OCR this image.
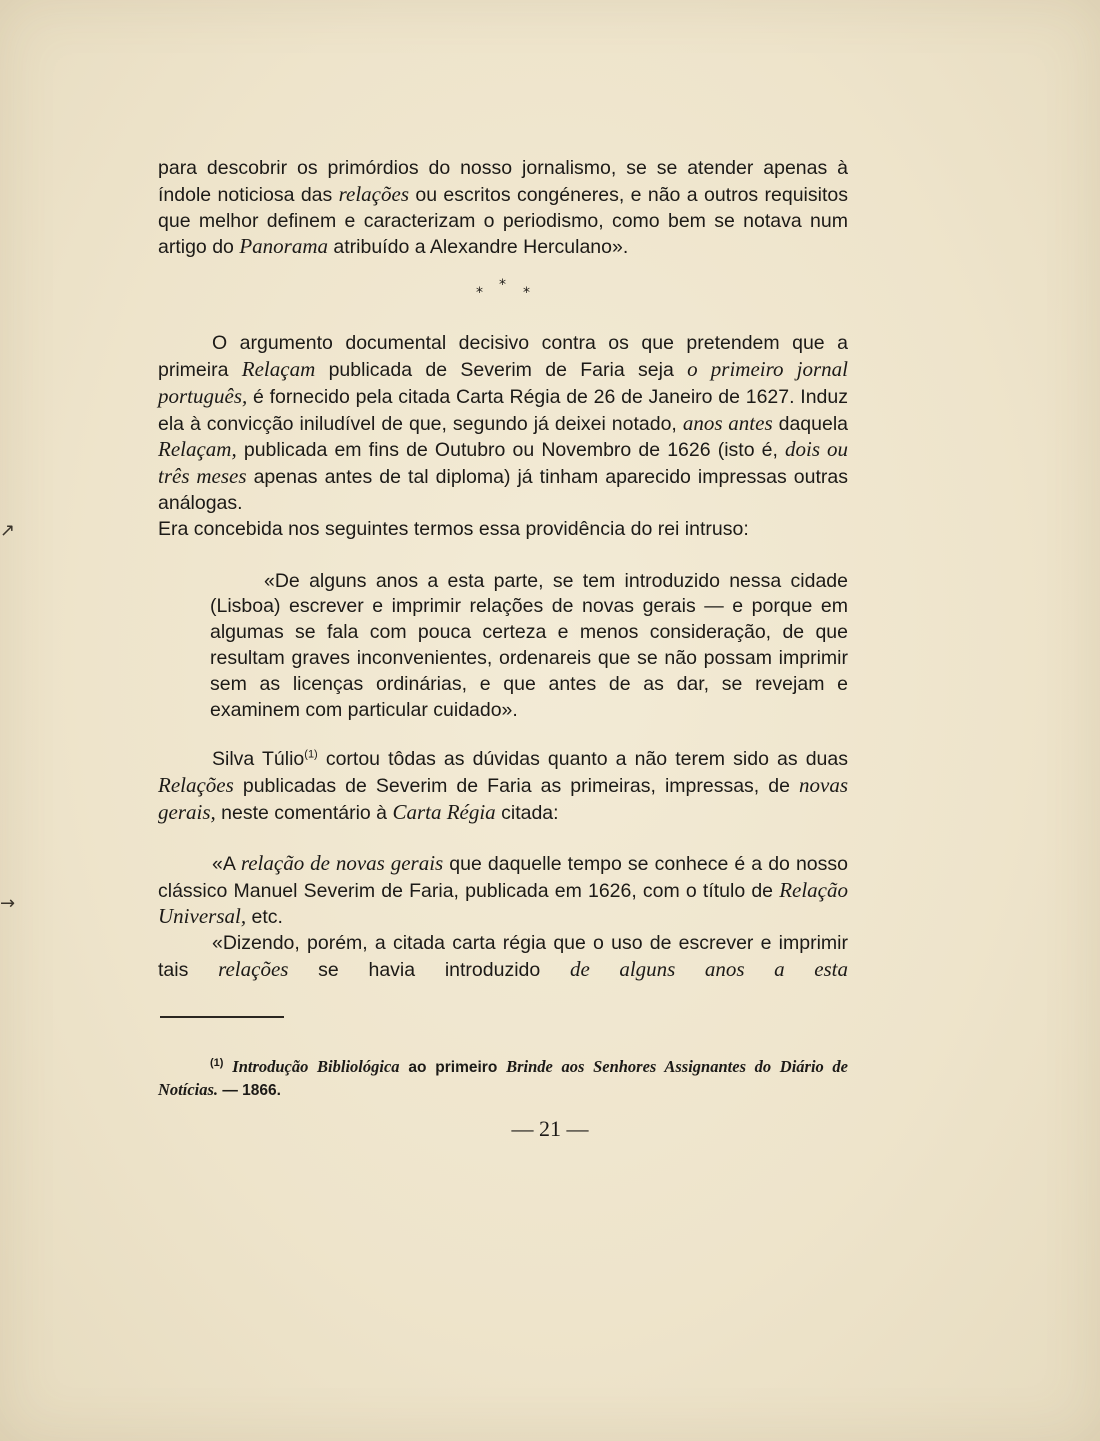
↗
→

para descobrir os primórdios do nosso jornalismo, se se atender apenas à índole noticiosa das relações ou escritos congéneres, e não a outros requisitos que melhor definem e caracterizam o periodismo, como bem se notava num artigo do Panorama atribuído a Alexandre Herculano».

*
*	*

O argumento documental decisivo contra os que pretendem que a primeira Relaçam publicada de Severim de Faria seja o primeiro jornal português, é fornecido pela citada Carta Régia de 26 de Janeiro de 1627. Induz ela à convicção iniludível de que, segundo já deixei notado, anos antes daquela Relaçam, publicada em fins de Outubro ou Novembro de 1626 (isto é, dois ou três meses apenas antes de tal diploma) já tinham aparecido impressas outras análogas.

Era concebida nos seguintes termos essa providência do rei intruso:

«De alguns anos a esta parte, se tem introduzido nessa cidade (Lisboa) escrever e imprimir relações de novas gerais — e porque em algumas se fala com pouca certeza e menos consideração, de que resultam graves inconvenientes, ordenareis que se não possam imprimir sem as licenças ordinárias, e que antes de as dar, se revejam e examinem com particular cuidado».

Silva Túlio$^{(1)}$ cortou tôdas as dúvidas quanto a não terem sido as duas Relações publicadas de Severim de Faria as primeiras, impressas, de novas gerais, neste comentário à Carta Régia citada:

«A relação de novas gerais que daquelle tempo se conhece é a do nosso clássico Manuel Severim de Faria, publicada em 1626, com o título de Relação Universal, etc.

«Dizendo, porém, a citada carta régia que o uso de escrever e imprimir tais relações se havia introduzido de alguns anos a esta

$^{(1)}$ Introdução Bibliológica ao primeiro Brinde aos Senhores Assignantes do Diário de Notícias. — 1866.

— 21 —
